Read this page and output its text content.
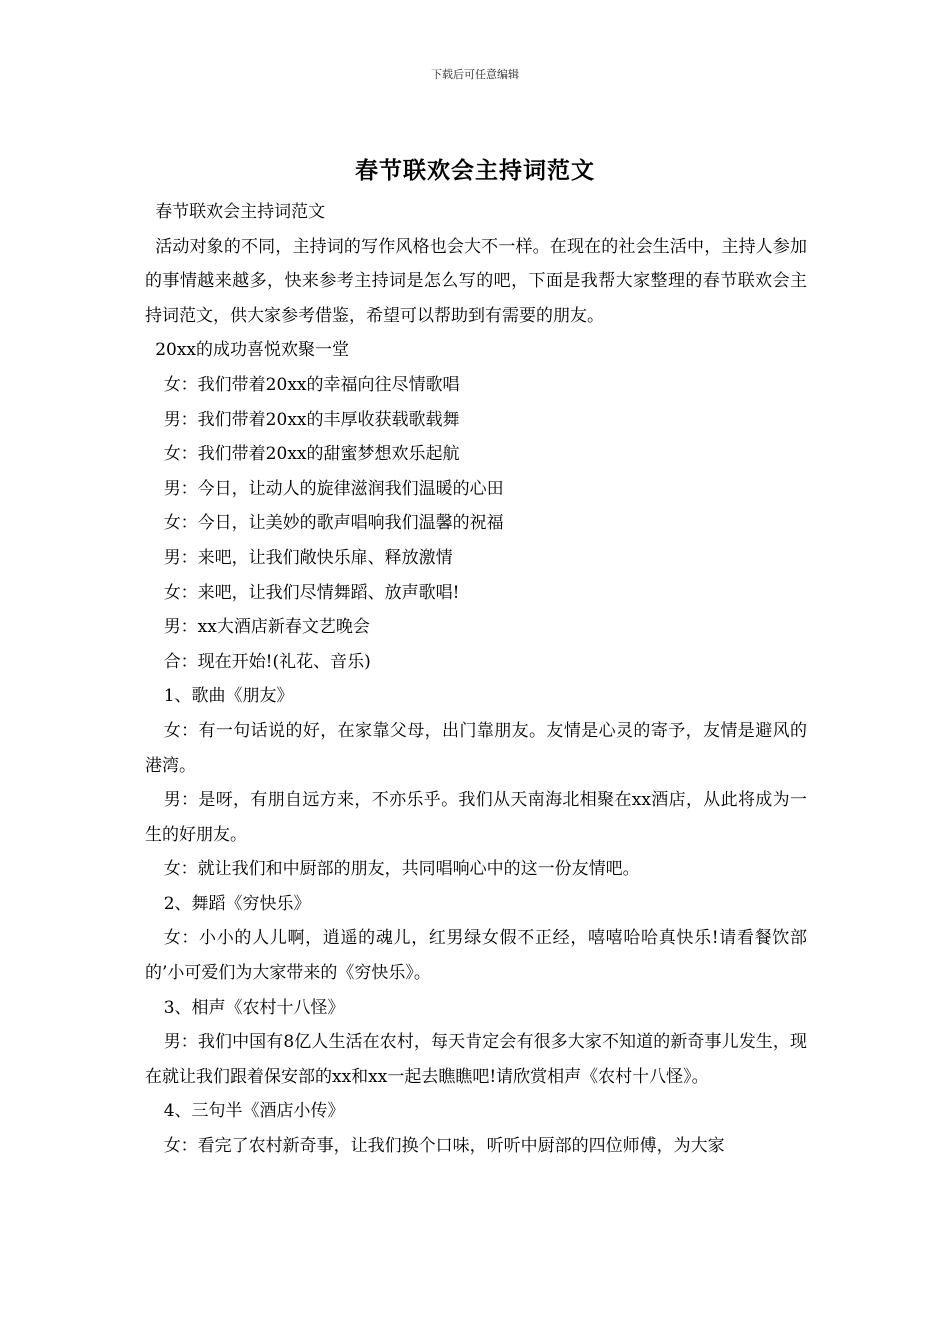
下载后可任意编辑
春节联欢会主持词范文

春节联欢会主持词范文

活动对象的不同，主持词的写作风格也会大不一样。在现在的社会生活中，主持人参加的事情越来越多，快来参考主持词是怎么写的吧，下面是我帮大家整理的春节联欢会主持词范文，供大家参考借鉴，希望可以帮助到有需要的朋友。

20xx的成功喜悦欢聚一堂

女：我们带着20xx的幸福向往尽情歌唱

男：我们带着20xx的丰厚收获载歌载舞

女：我们带着20xx的甜蜜梦想欢乐起航

男：今日，让动人的旋律滋润我们温暖的心田

女：今日，让美妙的歌声唱响我们温馨的祝福

男：来吧，让我们敞快乐扉、释放激情

女：来吧，让我们尽情舞蹈、放声歌唱!

男：xx大酒店新春文艺晚会

合：现在开始!(礼花、音乐)

1、歌曲《朋友》

女：有一句话说的好，在家靠父母，出门靠朋友。友情是心灵的寄予，友情是避风的港湾。

男：是呀，有朋自远方来，不亦乐乎。我们从天南海北相聚在xx酒店，从此将成为一生的好朋友。

女：就让我们和中厨部的朋友，共同唱响心中的这一份友情吧。

2、舞蹈《穷快乐》

女：小小的人儿啊，逍遥的魂儿，红男绿女假不正经，嘻嘻哈哈真快乐!请看餐饮部的’小可爱们为大家带来的《穷快乐》。

3、相声《农村十八怪》

男：我们中国有8亿人生活在农村，每天肯定会有很多大家不知道的新奇事儿发生，现在就让我们跟着保安部的xx和xx一起去瞧瞧吧!请欣赏相声《农村十八怪》。

4、三句半《酒店小传》

女：看完了农村新奇事，让我们换个口味，听听中厨部的四位师傅，为大家
